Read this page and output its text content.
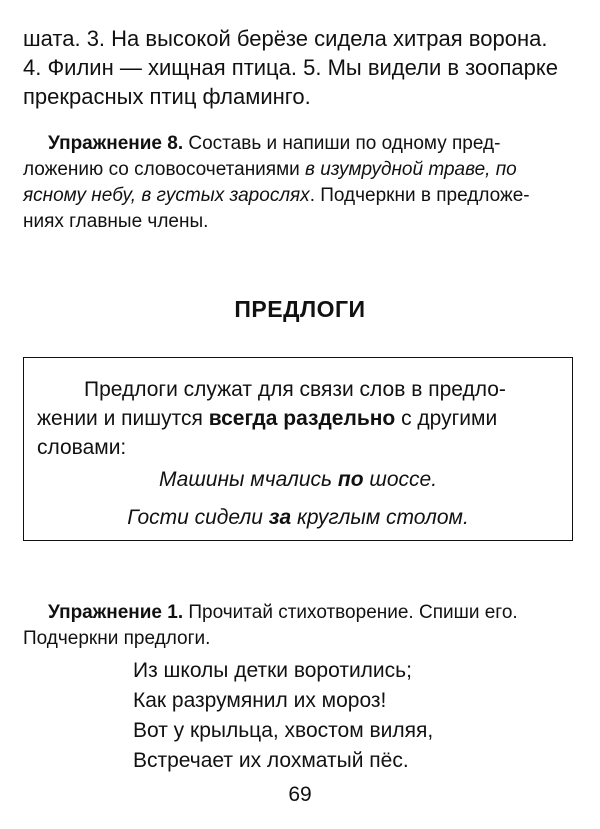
шата. 3. На высокой берёзе сидела хитрая ворона.

4. Филин — хищная птица. 5. Мы видели в зоопарке

прекрасных птиц фламинго.

Упражнение 8. Составь и напиши по одному пред-

ложению со словосочетаниями в изумрудной траве, по

ясному небу, в густых зарослях. Подчеркни в предложе-

ниях главные члены.

ПРЕДЛОГИ

Предлоги служат для связи слов в предло-

жении и пишутся всегда раздельно с другими

словами:

Машины мчались по шоссе.
Гости сидели за круглым столом.

Упражнение 1. Прочитай стихотворение. Спиши его.

Подчеркни предлоги.

Из школы детки воротились;
Как разрумянил их мороз!
Вот у крыльца, хвостом виляя,
Встречает их лохматый пёс.
69
